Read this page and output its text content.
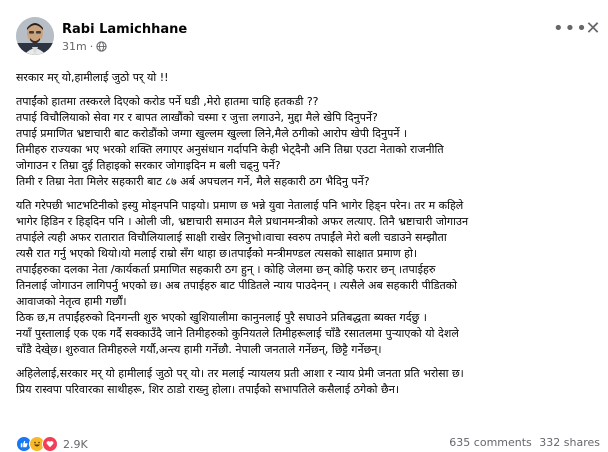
Rabi Lamichhane
31m ·
•••
✕
सरकार मर् यो,हामीलाई जुठो पर् यो !!
तपाईंको हातमा तस्करले दिएको करोड पर्ने घडी ,मेरो हातमा चाहि हतकडी ??
तपाई विचौलियाको सेवा गर र बापत लाखौंको चस्मा र जुत्ता लगाउने, मुद्दा मैले खेपि दिनुपर्ने?
तपाई प्रमाणित भ्रष्टाचारी बाट करोडौंको जग्गा खुल्लम खुल्ला लिने,मैले ठगीको आरोप खेपी दिनुपर्ने ।
तिमीहरु राज्यका भए भरको शक्ति लगाएर अनुसंधान गर्दापनि केही भेट्दैनौ अनि तिम्रा एउटा नेताको राजनीति
जोगाउन र तिम्रा दुई तिहाइको सरकार जोगाइदिन म बली चढ्नु पर्ने?
तिमी र तिम्रा नेता मिलेर सहकारी बाट ८७ अर्ब अपचलन गर्ने, मैले सहकारी ठग भैदिनु पर्ने?
यति गरेपछी भाटभटिनीको इस्यु मोड्नपनि पाइयो। प्रमाण छ भन्ने युवा नेतालाई पनि भागेर हिड्न परेन। तर म कहिले
भागेर हिडिन र हिड्दिन पनि । ओली जी, भ्रष्टाचारी समाउन मैले प्रधानमन्त्रीको अफर लत्याए. तिनै भ्रष्टाचारी जोगाउन
तपाईले त्यही अफर रातारात विचौलियालाई साक्षी राखेर लिनुभो।वाचा स्वरुप तपाईंले मेरो बली चडाउने सम्झौता
त्यसै रात गर्नु भएको थियो।यो मलाई राम्रो सँग थाहा छ।तपाईंको मन्त्रीमण्डल त्यसको साक्षात प्रमाण हो।
तपाईंहरुका दलका नेता /कार्यकर्ता प्रमाणित सहकारी ठग हुन् । कोहि जेलमा छन् कोहि फरार छन् ।तपाईहरु
तिनलाई जोगाउन लागिपर्नु भएको छ। अब तपाईहरु बाट पीडितले न्याय पाउदेनन् । त्यसैले अब सहकारी पीडितको
आवाजको नेतृत्व हामी गर्छौं।
ठिक छ,म तपाईंहरुको दिनगन्ती शुरु भएको खुशियालीमा कानुनलाई पुरै सघाउने प्रतिबद्धता ब्यक्त गर्दछु ।
नयाँ पुस्तालाई एक एक गर्दै सक्काउँदै जाने तिमीहरुको कुनियतले तिमीहरूलाई चाँडै रसातलमा पुर्‍याएको यो देशले
चाँडै देखे्छ। शुरुवात तिमीहरुले गर्यौ,अन्त्य हामी गर्नेछौ. नेपाली जनताले गर्नेछन्, छिट्टै गर्नेछन्।
अहिलेलाई,सरकार मर् यो हामीलाई जुठो पर् यो। तर मलाई न्यायलय प्रती आशा र न्याय प्रेमी जनता प्रति भरोसा छ।
प्रिय रास्वपा परिवारका साथीहरू, शिर ठाडो राख्नु होला। तपाईंको सभापतिले कसैलाई ठगेको छैन।
2.9K	635 comments 332 shares
